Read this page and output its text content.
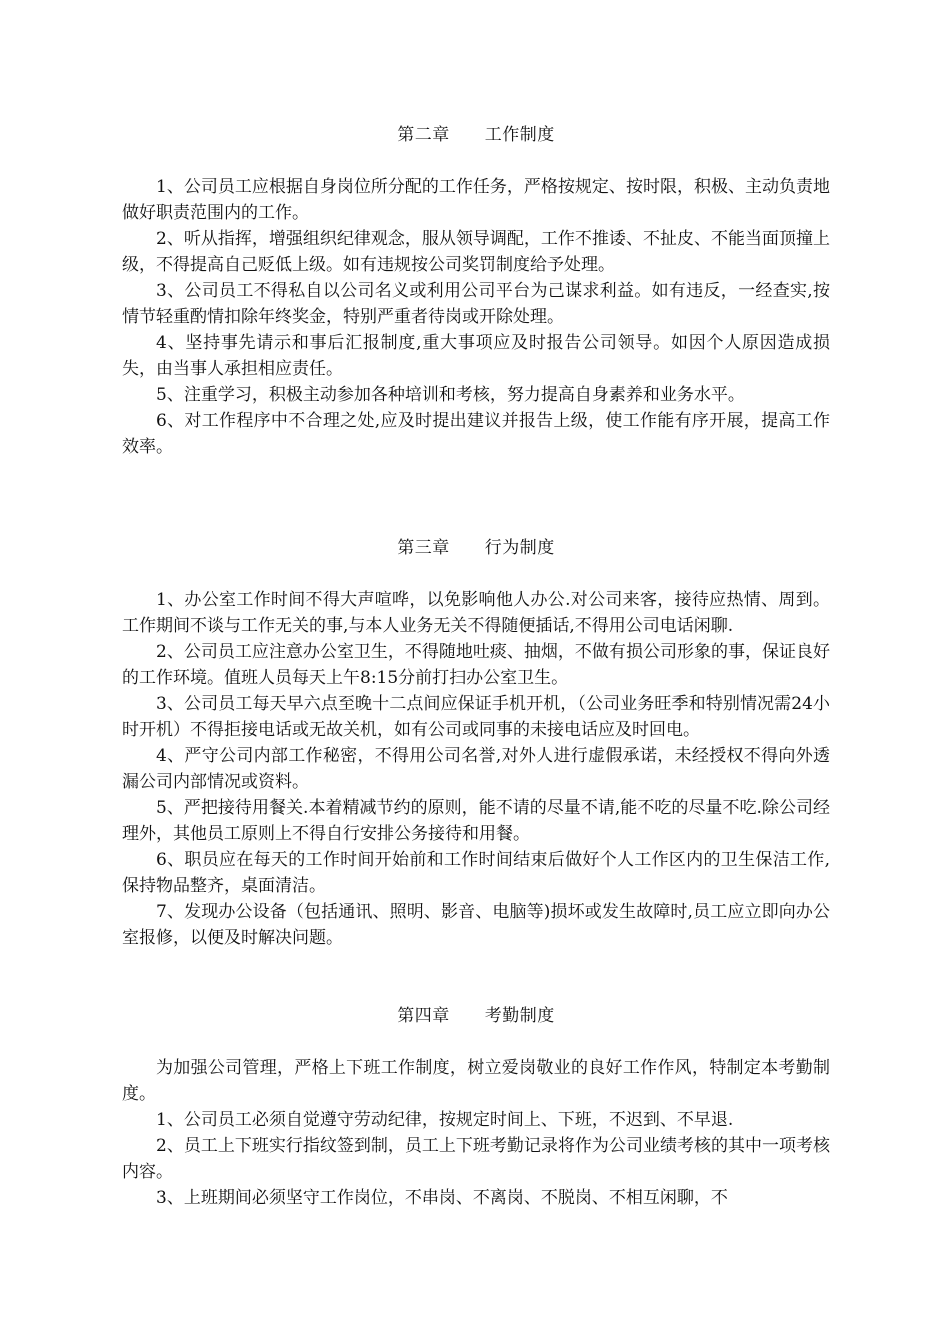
第二章　　工作制度

1、公司员工应根据自身岗位所分配的工作任务，严格按规定、按时限，积极、主动负责地做好职责范围内的工作。

2、听从指挥，增强组织纪律观念，服从领导调配，工作不推诿、不扯皮、不能当面顶撞上级，不得提高自己贬低上级。如有违规按公司奖罚制度给予处理。

3、公司员工不得私自以公司名义或利用公司平台为己谋求利益。如有违反，一经查实,按情节轻重酌情扣除年终奖金，特别严重者待岗或开除处理。

4、坚持事先请示和事后汇报制度,重大事项应及时报告公司领导。如因个人原因造成损失，由当事人承担相应责任。

5、注重学习，积极主动参加各种培训和考核，努力提高自身素养和业务水平。

6、对工作程序中不合理之处,应及时提出建议并报告上级，使工作能有序开展，提高工作效率。

第三章　　行为制度

1、办公室工作时间不得大声喧哗，以免影响他人办公.对公司来客，接待应热情、周到。工作期间不谈与工作无关的事,与本人业务无关不得随便插话,不得用公司电话闲聊.

2、公司员工应注意办公室卫生，不得随地吐痰、抽烟，不做有损公司形象的事，保证良好的工作环境。值班人员每天上午8:15分前打扫办公室卫生。

3、公司员工每天早六点至晚十二点间应保证手机开机，（公司业务旺季和特别情况需24小时开机）不得拒接电话或无故关机，如有公司或同事的未接电话应及时回电。

4、严守公司内部工作秘密，不得用公司名誉,对外人进行虚假承诺，未经授权不得向外透漏公司内部情况或资料。

5、严把接待用餐关.本着精减节约的原则，能不请的尽量不请,能不吃的尽量不吃.除公司经理外，其他员工原则上不得自行安排公务接待和用餐。

6、职员应在每天的工作时间开始前和工作时间结束后做好个人工作区内的卫生保洁工作,保持物品整齐，桌面清洁。

7、发现办公设备（包括通讯、照明、影音、电脑等)损坏或发生故障时,员工应立即向办公室报修，以便及时解决问题。

第四章　　考勤制度

为加强公司管理，严格上下班工作制度，树立爱岗敬业的良好工作作风，特制定本考勤制度。

1、公司员工必须自觉遵守劳动纪律，按规定时间上、下班，不迟到、不早退.

2、员工上下班实行指纹签到制，员工上下班考勤记录将作为公司业绩考核的其中一项考核内容。

3、上班期间必须坚守工作岗位，不串岗、不离岗、不脱岗、不相互闲聊，不
